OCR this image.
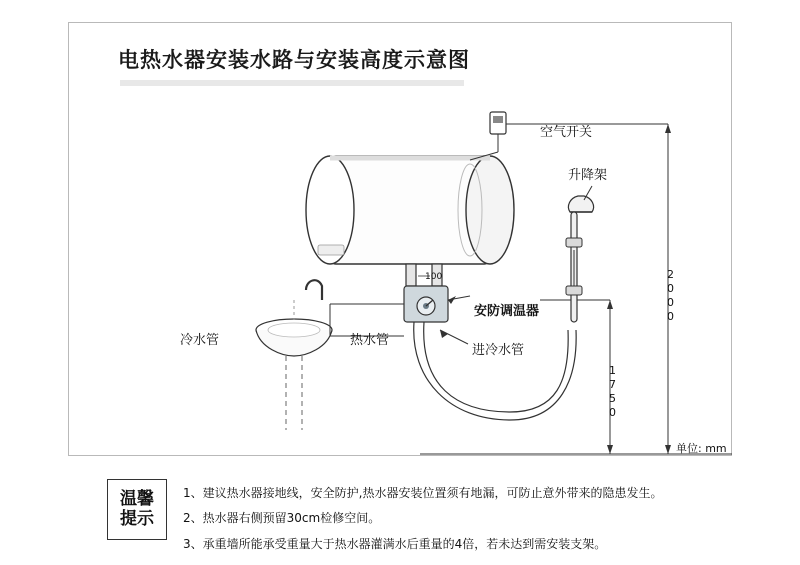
电热水器安装水路与安装高度示意图
空气开关
升降架
冷水管	热水管
安防调温器
进冷水管
2000
1750
100
单位: mm
温馨
提示
1、建议热水器接地线，安全防护,热水器安装位置须有地漏，可防止意外带来的隐患发生。
2、热水器右侧预留30cm检修空间。
3、承重墙所能承受重量大于热水器灌满水后重量的4倍，若未达到需安装支架。
